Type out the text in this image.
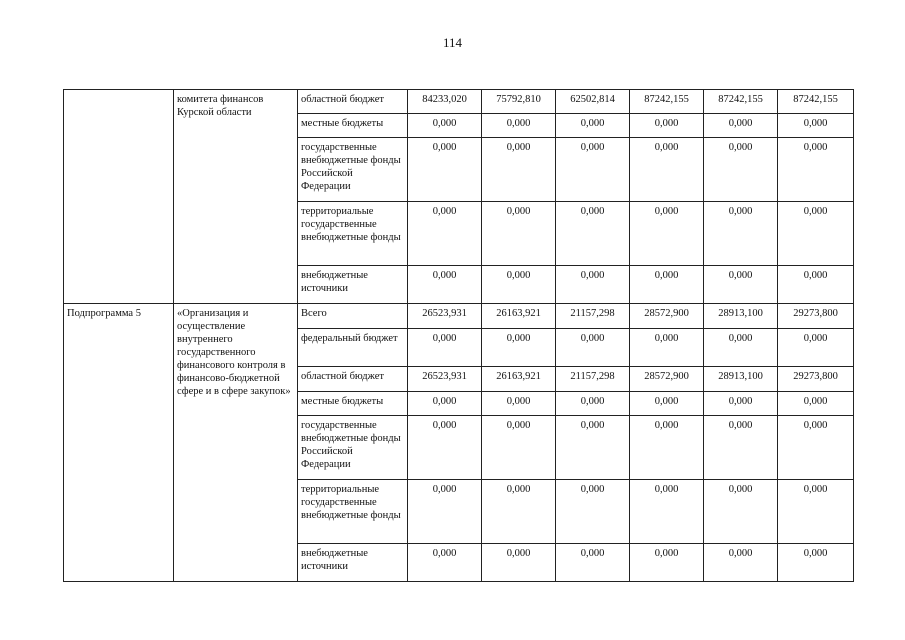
114
	комитета финансов Курской области	областной бюджет	84233,020	75792,810	62502,814	87242,155	87242,155	87242,155
		местные бюджеты	0,000	0,000	0,000	0,000	0,000	0,000
		государственные внебюджетные фонды Российской Федерации	0,000	0,000	0,000	0,000	0,000	0,000
		территориальые государственные внебюджетные фонды	0,000	0,000	0,000	0,000	0,000	0,000
		внебюджетные источники	0,000	0,000	0,000	0,000	0,000	0,000
Подпрограмма 5	«Организация и осуществление внутреннего государственного финансового контроля в финансово-бюджетной сфере и в сфере закупок»	Всего	26523,931	26163,921	21157,298	28572,900	28913,100	29273,800
		федеральный бюджет	0,000	0,000	0,000	0,000	0,000	0,000
		областной бюджет	26523,931	26163,921	21157,298	28572,900	28913,100	29273,800
		местные бюджеты	0,000	0,000	0,000	0,000	0,000	0,000
		государственные внебюджетные фонды Российской Федерации	0,000	0,000	0,000	0,000	0,000	0,000
		территориальные государственные внебюджетные фонды	0,000	0,000	0,000	0,000	0,000	0,000
		внебюджетные источники	0,000	0,000	0,000	0,000	0,000	0,000
